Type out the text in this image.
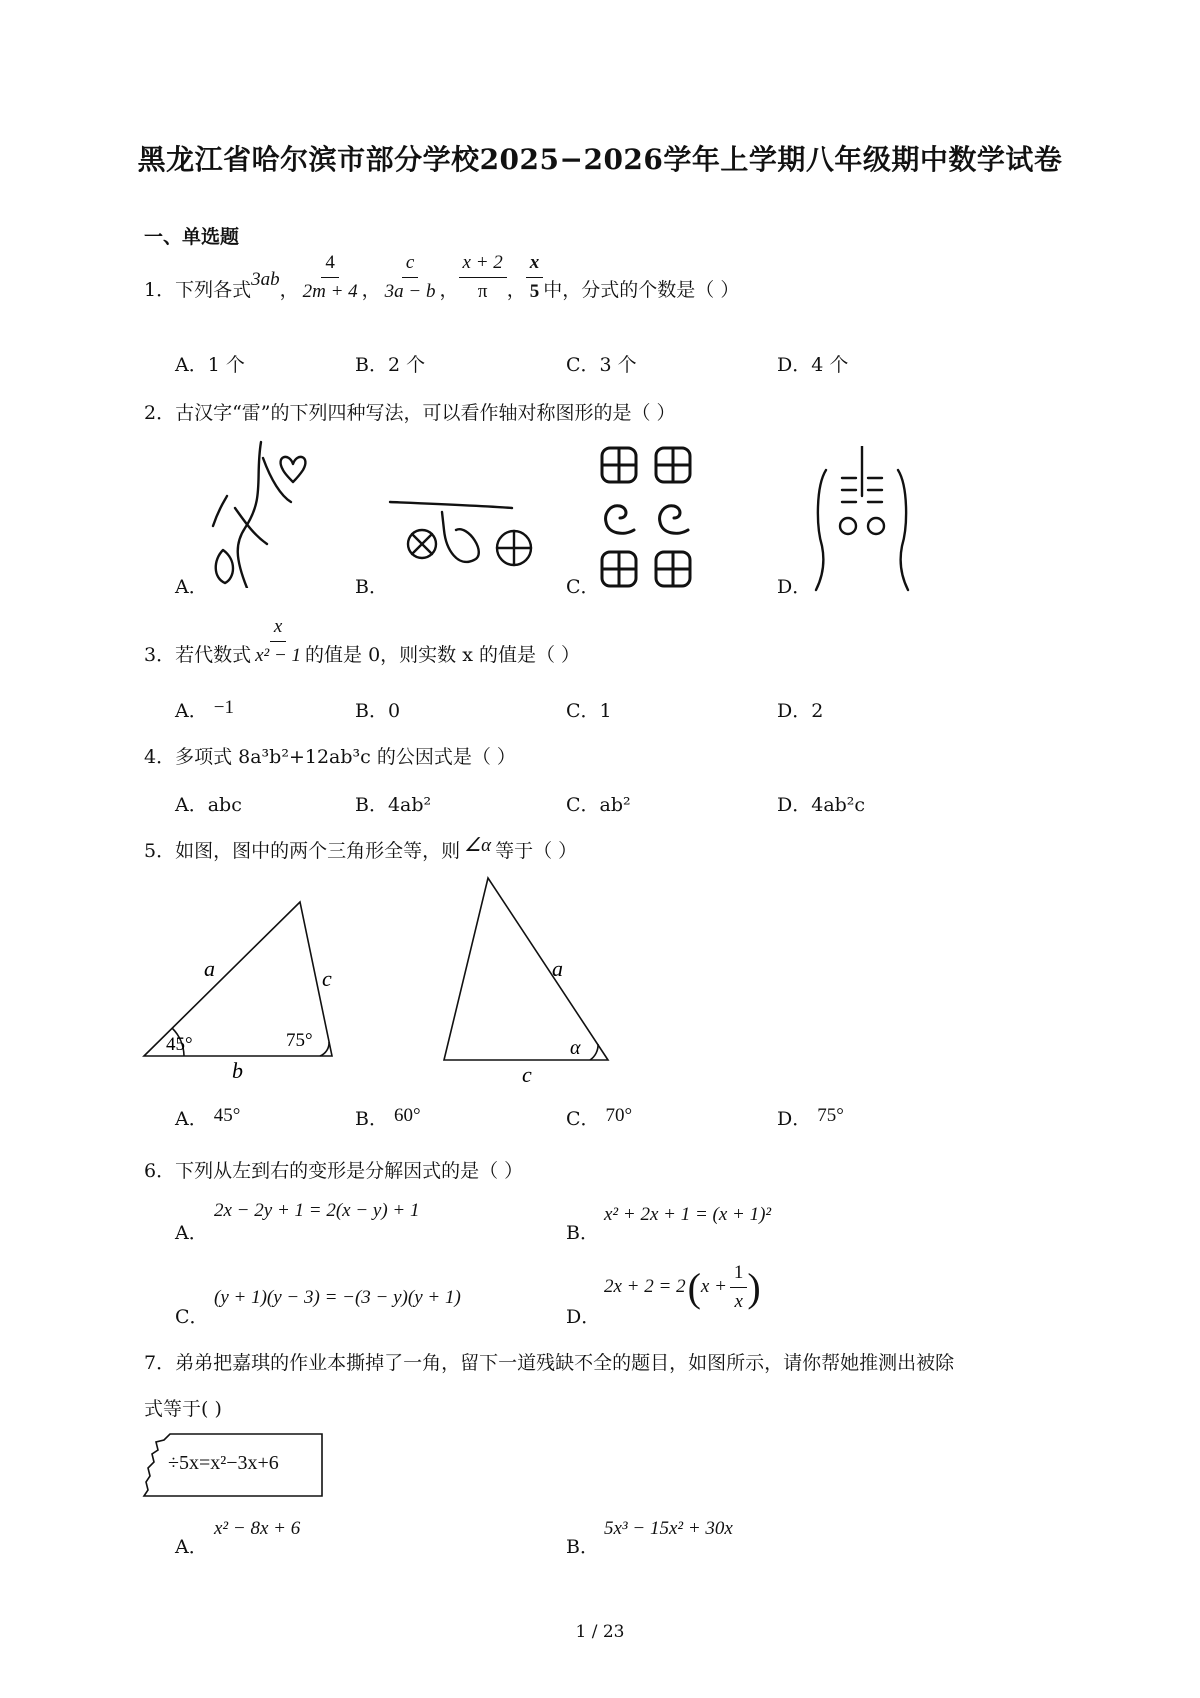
黑龙江省哈尔滨市部分学校2025−2026学年上学期八年级期中数学试卷
一、单选题
1．下列各式 3ab ， $\frac{4}{2m + 4}$ ， $\frac{c}{3a - b}$ ， $\frac{x + 2}{\pi}$ ， $\frac{x}{5}$ 中，分式的个数是（ ）
A．1 个	B．2 个	C．3 个	D．4 个
2．古汉字“雷”的下列四种写法，可以看作轴对称图形的是（ ）
A．	B．	C．	D．
3．若代数式 $\frac{x}{\text{x² − 1}}$ 的值是 0，则实数 x 的值是（ ）
A． −1	B．0	C．1	D．2
4．多项式 8a³b²+12ab³c 的公因式是（ ）
A．abc	B．4ab²	C．ab²	D．4ab²c
5．如图，图中的两个三角形全等，则 ∠α 等于（ ）
a	c
b
45°	75°
a
c
α
A． 45°	B． 60°	C． 70°	D． 75°
6．下列从左到右的变形是分解因式的是（ ）
A．
2x − 2y + 1 = 2(x − y) + 1
B．
x² + 2x + 1 = (x + 1)²
C．
(y + 1)(y − 3) = −(3 − y)(y + 1)
D．
2x + 2 = 2 ( $x + \frac{1}{x}$ )
7．弟弟把嘉琪的作业本撕掉了一角，留下一道残缺不全的题目，如图所示，请你帮她推测出被除
式等于( )
÷5x=x²−3x+6
A．
x² − 8x + 6
B．
5x³ − 15x² + 30x
1 / 23
